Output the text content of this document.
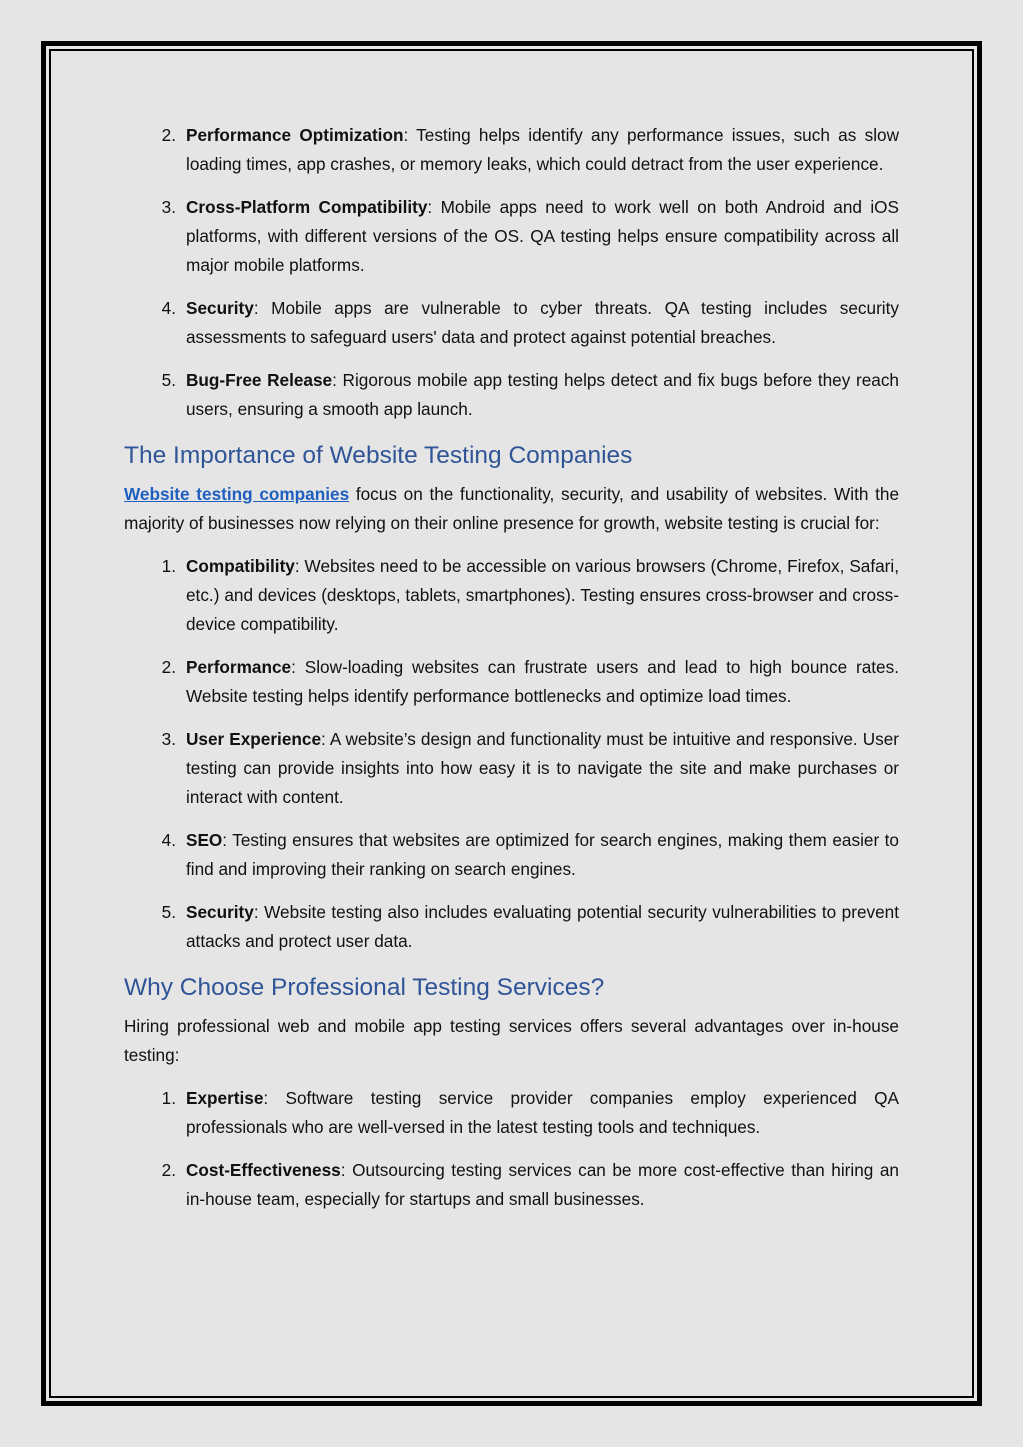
2 . Performance Optimization: Testing helps identify any performance issues, such as slow loading times, app crashes, or memory leaks, which could detract from the user experience.
3 . Cross-Platform Compatibility: Mobile apps need to work well on both Android and iOS platforms, with different versions of the OS. QA testing helps ensure compatibility across all major mobile platforms.
4 . Security: Mobile apps are vulnerable to cyber threats. QA testing includes security assessments to safeguard users' data and protect against potential breaches.
5 . Bug-Free Release: Rigorous mobile app testing helps detect and fix bugs before they reach users, ensuring a smooth app launch.
The Importance of Website Testing Companies

Website testing companies focus on the functionality, security, and usability of websites. With the majority of businesses now relying on their online presence for growth, website testing is crucial for:

1 . Compatibility: Websites need to be accessible on various browsers (Chrome, Firefox, Safari, etc.) and devices (desktops, tablets, smartphones). Testing ensures cross-browser and cross-device compatibility.
2 . Performance: Slow-loading websites can frustrate users and lead to high bounce rates. Website testing helps identify performance bottlenecks and optimize load times.
3 . User Experience: A website’s design and functionality must be intuitive and responsive. User testing can provide insights into how easy it is to navigate the site and make purchases or interact with content.
4 . SEO: Testing ensures that websites are optimized for search engines, making them easier to find and improving their ranking on search engines.
5 . Security: Website testing also includes evaluating potential security vulnerabilities to prevent attacks and protect user data.
Why Choose Professional Testing Services?

Hiring professional web and mobile app testing services offers several advantages over in-house testing:

1 . Expertise: Software testing service provider companies employ experienced QA professionals who are well-versed in the latest testing tools and techniques.
2 . Cost-Effectiveness: Outsourcing testing services can be more cost-effective than hiring an in-house team, especially for startups and small businesses.
